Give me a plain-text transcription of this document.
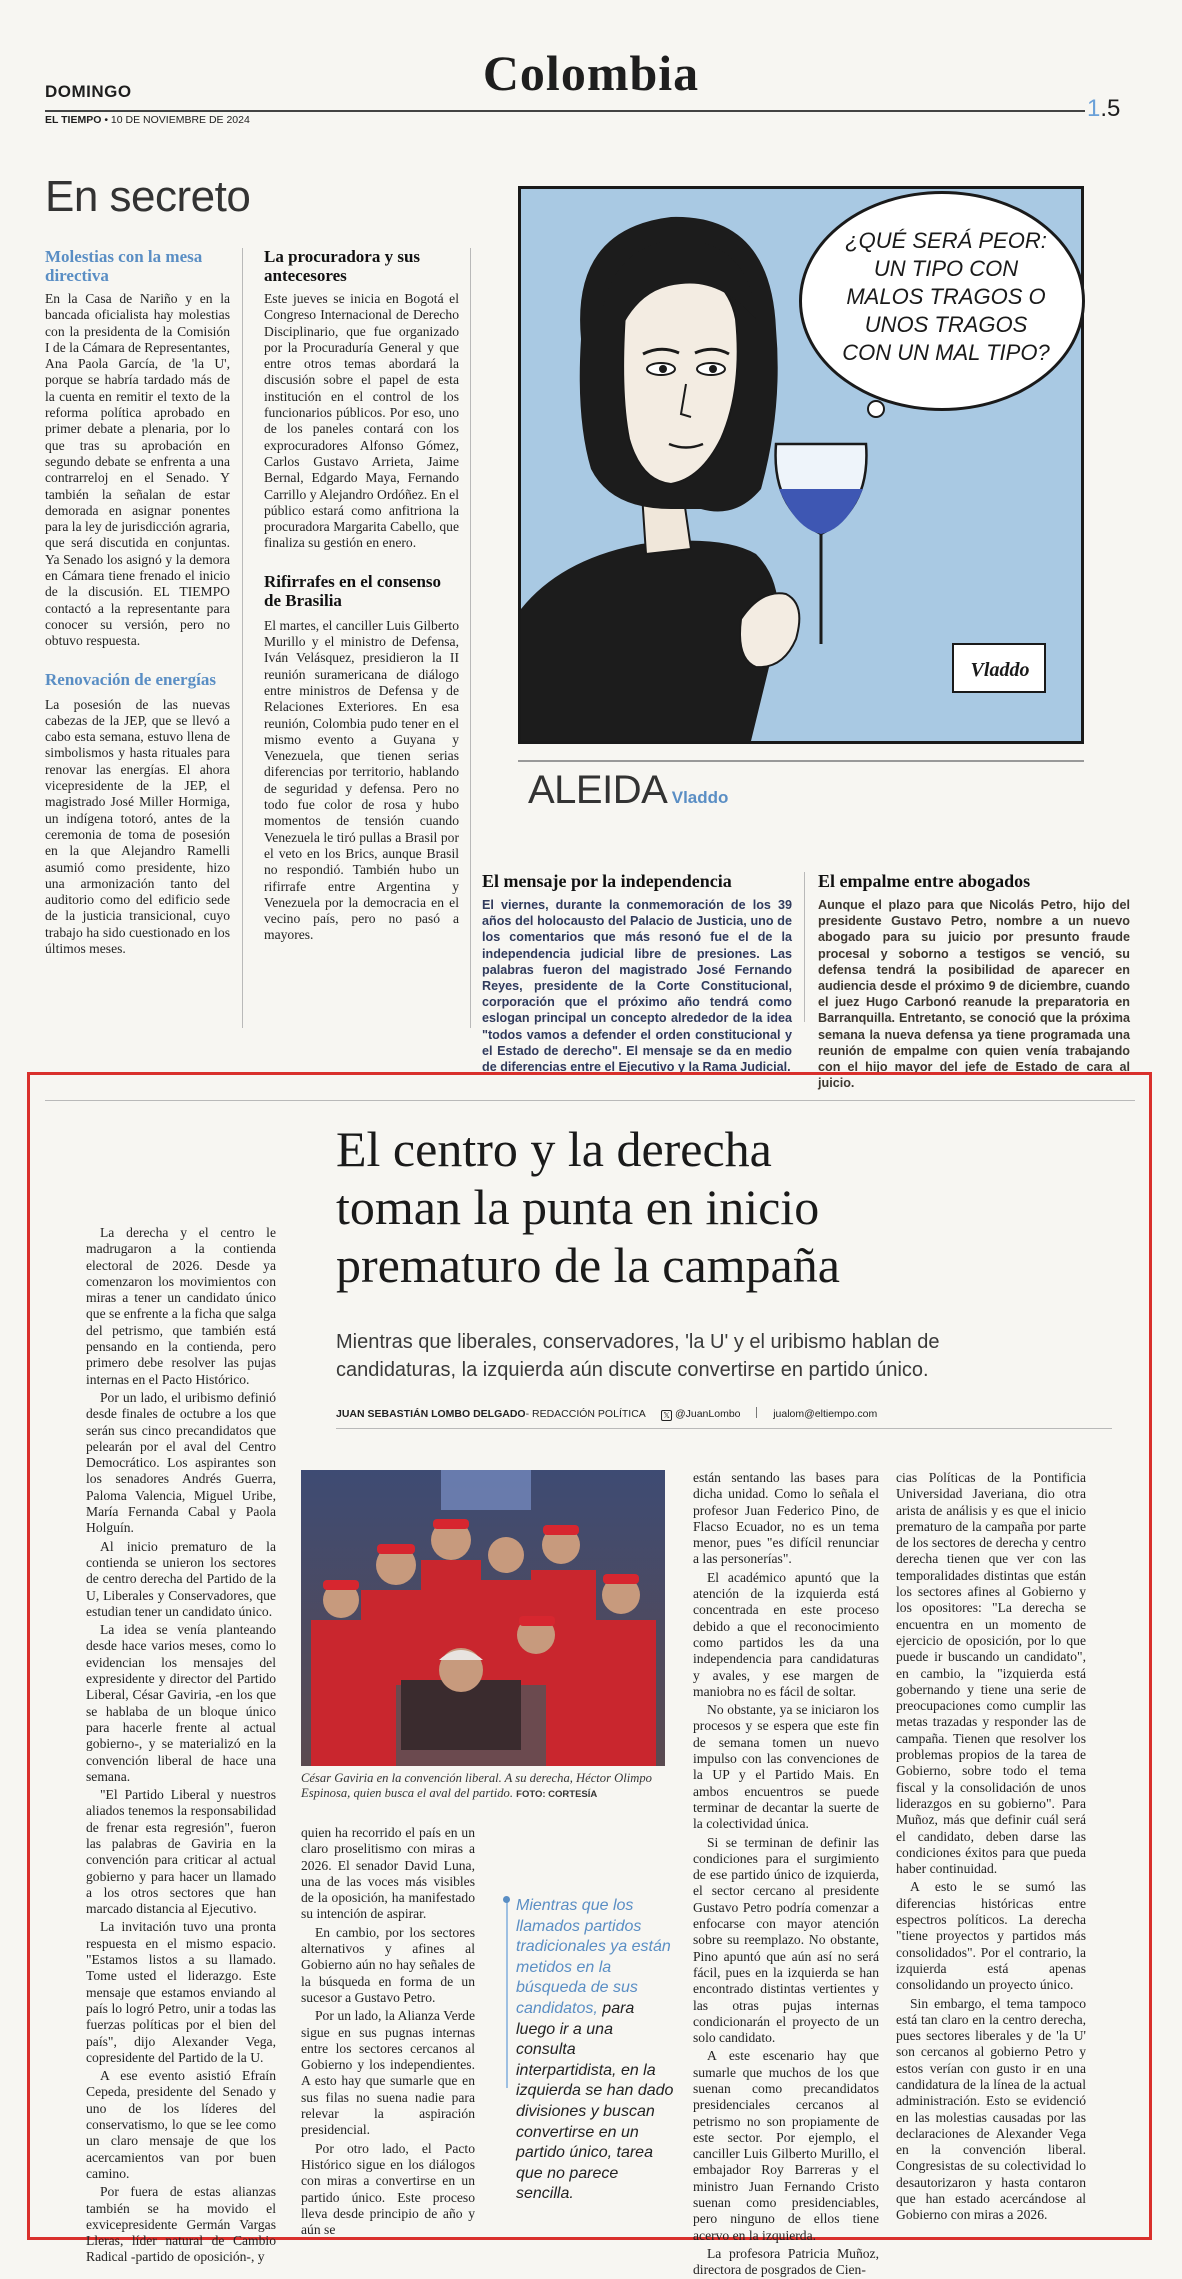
DOMINGO	Colombia
EL TIEMPO • 10 DE NOVIEMBRE DE 2024	1.5
En secreto
Molestias con la mesa directiva

En la Casa de Nariño y en la bancada oficialista hay molestias con la presidenta de la Comisión I de la Cámara de Representantes, Ana Paola García, de 'la U', porque se habría tardado más de la cuenta en remitir el texto de la reforma política aprobado en primer debate a plenaria, por lo que tras su aprobación en segundo debate se enfrenta a una contrarreloj en el Senado. Y también la señalan de estar demorada en asignar ponentes para la ley de jurisdicción agraria, que será discutida en conjuntas. Ya Senado los asignó y la demora en Cámara tiene frenado el inicio de la discusión. EL TIEMPO contactó a la representante para conocer su versión, pero no obtuvo respuesta.

Renovación de energías

La posesión de las nuevas cabezas de la JEP, que se llevó a cabo esta semana, estuvo llena de simbolismos y hasta rituales para renovar las energías. El ahora vicepresidente de la JEP, el magistrado José Miller Hormiga, un indígena totoró, antes de la ceremonia de toma de posesión en la que Alejandro Ramelli asumió como presidente, hizo una armonización tanto del auditorio como del edificio sede de la justicia transicional, cuyo trabajo ha sido cuestionado en los últimos meses.

La procuradora y sus antecesores

Este jueves se inicia en Bogotá el Congreso Internacional de Derecho Disciplinario, que fue organizado por la Procuraduría General y que entre otros temas abordará la discusión sobre el papel de esta institución en el control de los funcionarios públicos. Por eso, uno de los paneles contará con los exprocuradores Alfonso Gómez, Carlos Gustavo Arrieta, Jaime Bernal, Edgardo Maya, Fernando Carrillo y Alejandro Ordóñez. En el público estará como anfitriona la procuradora Margarita Cabello, que finaliza su gestión en enero.

Rifirrafes en el consenso de Brasilia

El martes, el canciller Luis Gilberto Murillo y el ministro de Defensa, Iván Velásquez, presidieron la II reunión suramericana de diálogo entre ministros de Defensa y de Relaciones Exteriores. En esa reunión, Colombia pudo tener en el mismo evento a Guyana y Venezuela, que tienen serias diferencias por territorio, hablando de seguridad y defensa. Pero no todo fue color de rosa y hubo momentos de tensión cuando Venezuela le tiró pullas a Brasil por el veto en los Brics, aunque Brasil no respondió. También hubo un rifirrafe entre Argentina y Venezuela por la democracia en el vecino país, pero no pasó a mayores.

¿QUÉ SERÁ PEOR: UN TIPO CON MALOS TRAGOS O UNOS TRAGOS CON UN MAL TIPO?
Vladdo
ALEIDA Vladdo
El mensaje por la independencia
El viernes, durante la conmemoración de los 39 años del holocausto del Palacio de Justicia, uno de los comentarios que más resonó fue el de la independencia judicial libre de presiones. Las palabras fueron del magistrado José Fernando Reyes, presidente de la Corte Constitucional, corporación que el próximo año tendrá como eslogan principal un concepto alrededor de la idea "todos vamos a defender el orden constitucional y el Estado de derecho". El mensaje se da en medio de diferencias entre el Ejecutivo y la Rama Judicial.
El empalme entre abogados
Aunque el plazo para que Nicolás Petro, hijo del presidente Gustavo Petro, nombre a un nuevo abogado para su juicio por presunto fraude procesal y soborno a testigos se venció, su defensa tendrá la posibilidad de aparecer en audiencia desde el próximo 9 de diciembre, cuando el juez Hugo Carbonó reanude la preparatoria en Barranquilla. Entretanto, se conoció que la próxima semana la nueva defensa ya tiene programada una reunión de empalme con quien venía trabajando con el hijo mayor del jefe de Estado de cara al juicio.
El centro y la derecha
toman la punta en inicio
prematuro de la campaña
Mientras que liberales, conservadores, 'la U' y el uribismo hablan de candidaturas, la izquierda aún discute convertirse en partido único.
JUAN SEBASTIÁN LOMBO DELGADO- REDACCIÓN POLÍTICA 𝕏 @JuanLombo	jualom@eltiempo.com

La derecha y el centro le madrugaron a la contienda electoral de 2026. Desde ya comenzaron los movimientos con miras a tener un candidato único que se enfrente a la ficha que salga del petrismo, que también está pensando en la contienda, pero primero debe resolver las pujas internas en el Pacto Histórico.

Por un lado, el uribismo definió desde finales de octubre a los que serán sus cinco precandidatos que pelearán por el aval del Centro Democrático. Los aspirantes son los senadores Andrés Guerra, Paloma Valencia, Miguel Uribe, María Fernanda Cabal y Paola Holguín.

Al inicio prematuro de la contienda se unieron los sectores de centro derecha del Partido de la U, Liberales y Conservadores, que estudian tener un candidato único.

La idea se venía planteando desde hace varios meses, como lo evidencian los mensajes del expresidente y director del Partido Liberal, César Gaviria, -en los que se hablaba de un bloque único para hacerle frente al actual gobierno-, y se materializó en la convención liberal de hace una semana.

"El Partido Liberal y nuestros aliados tenemos la responsabilidad de frenar esta regresión", fueron las palabras de Gaviria en la convención para criticar al actual gobierno y para hacer un llamado a los otros sectores que han marcado distancia al Ejecutivo.

La invitación tuvo una pronta respuesta en el mismo espacio. "Estamos listos a su llamado. Tome usted el liderazgo. Este mensaje que estamos enviando al país lo logró Petro, unir a todas las fuerzas políticas por el bien del país", dijo Alexander Vega, copresidente del Partido de la U.

A ese evento asistió Efraín Cepeda, presidente del Senado y uno de los líderes del conservatismo, lo que se lee como un claro mensaje de que los acercamientos van por buen camino.

Por fuera de estas alianzas también se ha movido el exvicepresidente Germán Vargas Lleras, líder natural de Cambio Radical -partido de oposición-, y

César Gaviria en la convención liberal. A su derecha, Héctor Olimpo Espinosa, quien busca el aval del partido. FOTO: CORTESÍA

quien ha recorrido el país en un claro proselitismo con miras a 2026. El senador David Luna, una de las voces más visibles de la oposición, ha manifestado su intención de aspirar.

En cambio, por los sectores alternativos y afines al Gobierno aún no hay señales de la búsqueda en forma de un sucesor a Gustavo Petro.

Por un lado, la Alianza Verde sigue en sus pugnas internas entre los sectores cercanos al Gobierno y los independientes. A esto hay que sumarle que en sus filas no suena nadie para relevar la aspiración presidencial.

Por otro lado, el Pacto Histórico sigue en los diálogos con miras a convertirse en un partido único. Este proceso lleva desde principio de año y aún se

Mientras que los llamados partidos tradicionales ya están metidos en la búsqueda de sus candidatos, para luego ir a una consulta interpartidista, en la izquierda se han dado divisiones y buscan convertirse en un partido único, tarea que no parece sencilla.

están sentando las bases para dicha unidad. Como lo señala el profesor Juan Federico Pino, de Flacso Ecuador, no es un tema menor, pues "es difícil renunciar a las personerías".

El académico apuntó que la atención de la izquierda está concentrada en este proceso debido a que el reconocimiento como partidos les da una independencia para candidaturas y avales, y ese margen de maniobra no es fácil de soltar.

No obstante, ya se iniciaron los procesos y se espera que este fin de semana tomen un nuevo impulso con las convenciones de la UP y el Partido Mais. En ambos encuentros se puede terminar de decantar la suerte de la colectividad única.

Si se terminan de definir las condiciones para el surgimiento de ese partido único de izquierda, el sector cercano al presidente Gustavo Petro podría comenzar a enfocarse con mayor atención sobre su reemplazo. No obstante, Pino apuntó que aún así no será fácil, pues en la izquierda se han encontrado distintas vertientes y las otras pujas internas condicionarán el proyecto de un solo candidato.

A este escenario hay que sumarle que muchos de los que suenan como precandidatos presidenciales cercanos al petrismo no son propiamente de este sector. Por ejemplo, el canciller Luis Gilberto Murillo, el embajador Roy Barreras y el ministro Juan Fernando Cristo suenan como presidenciables, pero ninguno de ellos tiene acervo en la izquierda.

La profesora Patricia Muñoz, directora de posgrados de Cien-

cias Políticas de la Pontificia Universidad Javeriana, dio otra arista de análisis y es que el inicio prematuro de la campaña por parte de los sectores de derecha y centro derecha tienen que ver con las temporalidades distintas que están los sectores afines al Gobierno y los opositores: "La derecha se encuentra en un momento de ejercicio de oposición, por lo que puede ir buscando un candidato", en cambio, la "izquierda está gobernando y tiene una serie de preocupaciones como cumplir las metas trazadas y responder las de campaña. Tienen que resolver los problemas propios de la tarea de Gobierno, sobre todo el tema fiscal y la consolidación de unos liderazgos en su gobierno". Para Muñoz, más que definir cuál será el candidato, deben darse las condiciones éxitos para que pueda haber continuidad.

A esto le se sumó las diferencias históricas entre espectros políticos. La derecha "tiene proyectos y partidos más consolidados". Por el contrario, la izquierda está apenas consolidando un proyecto único.

Sin embargo, el tema tampoco está tan claro en la centro derecha, pues sectores liberales y de 'la U' son cercanos al gobierno Petro y estos verían con gusto ir en una candidatura de la línea de la actual administración. Esto se evidenció en las molestias causadas por las declaraciones de Alexander Vega en la convención liberal. Congresistas de su colectividad lo desautorizaron y hasta contaron que han estado acercándose al Gobierno con miras a 2026.
